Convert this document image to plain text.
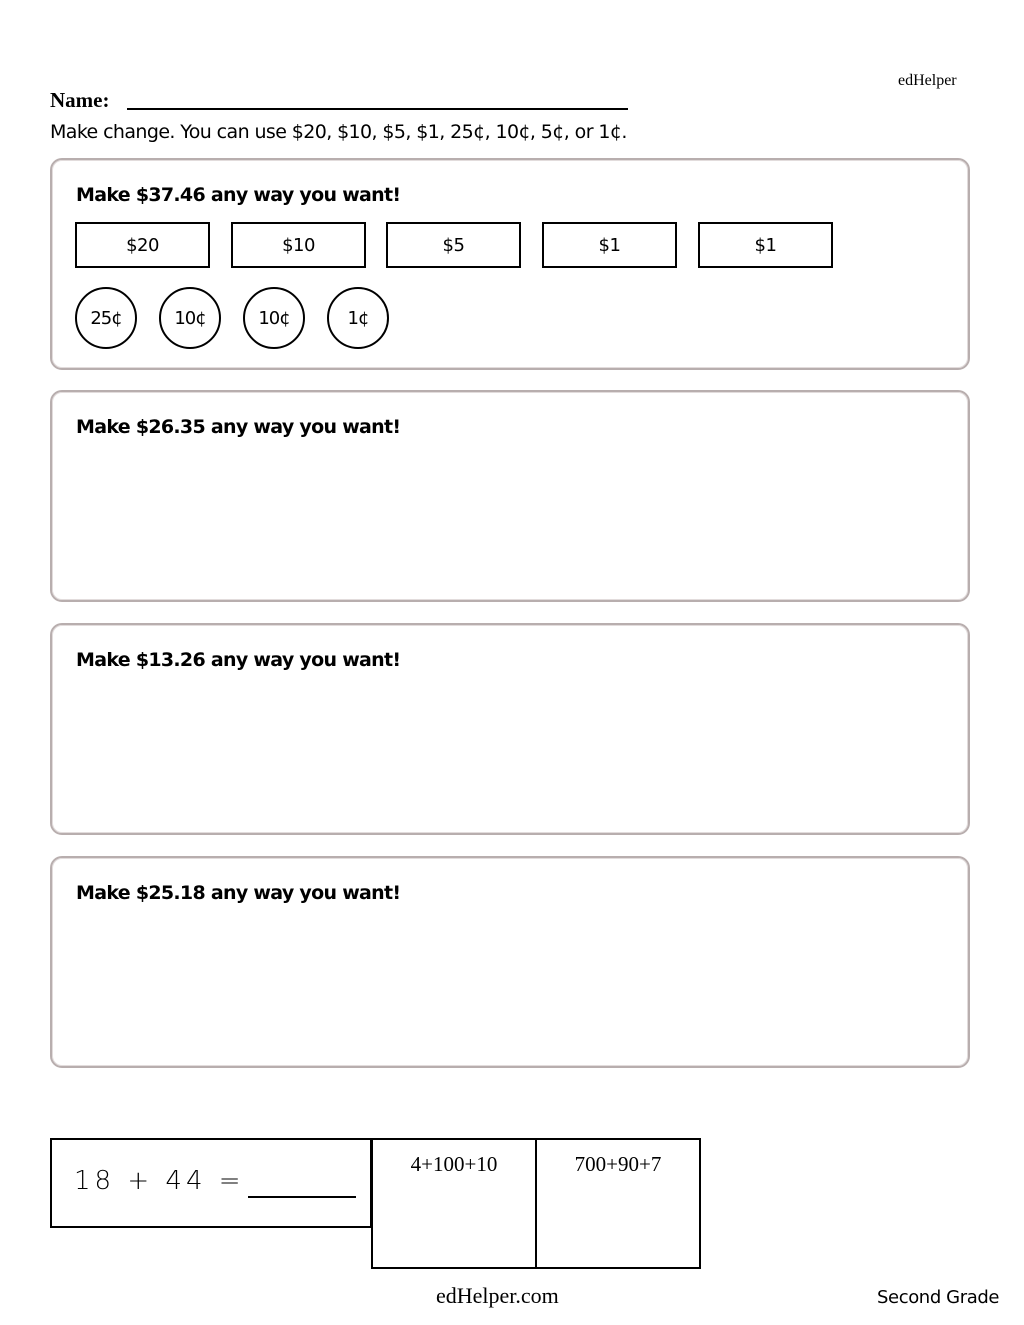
edHelper
Name:
Make change. You can use $20, $10, $5, $1, 25¢, 10¢, 5¢, or 1¢.
Make $37.46 any way you want!
$20	$10	$5	$1	$1
25¢	10¢	10¢	1¢
Make $26.35 any way you want!
Make $13.26 any way you want!
Make $25.18 any way you want!
18 + 44 =
4+100+10	700+90+7
edHelper.com	Second Grade
